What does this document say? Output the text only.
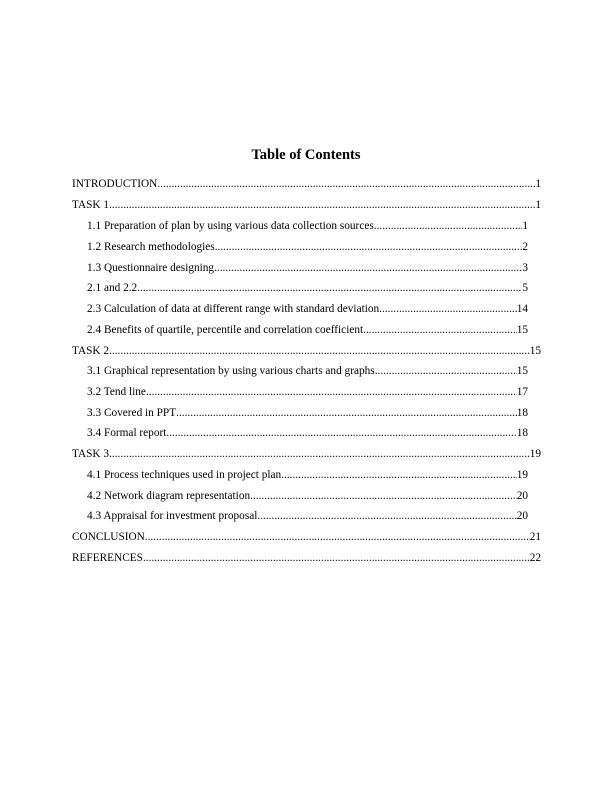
Table of Contents
INTRODUCTION .....	1
TASK 1 .....	1
1.1 Preparation of plan by using various data collection sources .....	1
1.2 Research methodologies .....	2
1.3 Questionnaire designing .....	3
2.1 and 2.2 .....	5
2.3 Calculation of data at different range with standard deviation .....	14
2.4 Benefits of quartile, percentile and correlation coefficient .....	15
TASK 2 .....	15
3.1 Graphical representation by using various charts and graphs .....	15
3.2 Tend line .....	17
3.3 Covered in PPT .....	18
3.4 Formal report .....	18
TASK 3 .....	19
4.1 Process techniques used in project plan .....	19
4.2 Network diagram representation .....	20
4.3 Appraisal for investment proposal .....	20
CONCLUSION .....	21
REFERENCES .....	22
